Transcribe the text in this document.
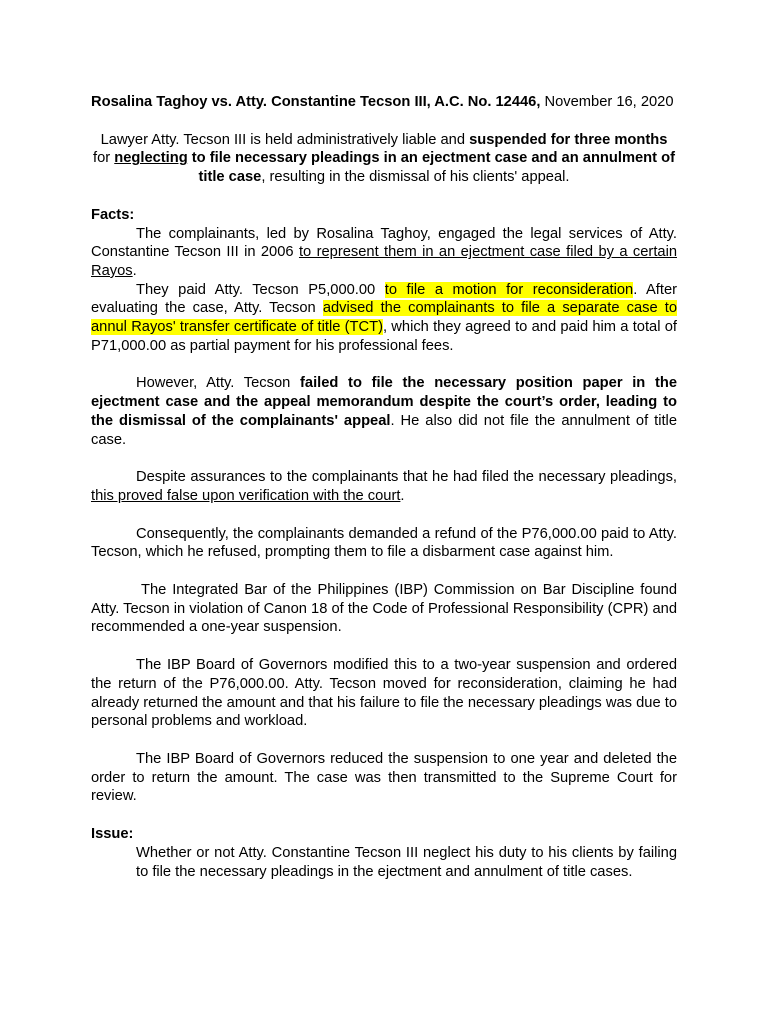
Rosalina Taghoy vs. Atty. Constantine Tecson III, A.C. No. 12446, November 16, 2020

Lawyer Atty. Tecson III is held administratively liable and suspended for three months for neglecting to file necessary pleadings in an ejectment case and an annulment of title case, resulting in the dismissal of his clients' appeal.

Facts:

The complainants, led by Rosalina Taghoy, engaged the legal services of Atty. Constantine Tecson III in 2006 to represent them in an ejectment case filed by a certain Rayos.

They paid Atty. Tecson P5,000.00 to file a motion for reconsideration. After evaluating the case, Atty. Tecson advised the complainants to file a separate case to annul Rayos' transfer certificate of title (TCT), which they agreed to and paid him a total of P71,000.00 as partial payment for his professional fees.

However, Atty. Tecson failed to file the necessary position paper in the ejectment case and the appeal memorandum despite the court’s order, leading to the dismissal of the complainants' appeal. He also did not file the annulment of title case.

Despite assurances to the complainants that he had filed the necessary pleadings, this proved false upon verification with the court.

Consequently, the complainants demanded a refund of the P76,000.00 paid to Atty. Tecson, which he refused, prompting them to file a disbarment case against him.

The Integrated Bar of the Philippines (IBP) Commission on Bar Discipline found Atty. Tecson in violation of Canon 18 of the Code of Professional Responsibility (CPR) and recommended a one-year suspension.

The IBP Board of Governors modified this to a two-year suspension and ordered the return of the P76,000.00. Atty. Tecson moved for reconsideration, claiming he had already returned the amount and that his failure to file the necessary pleadings was due to personal problems and workload.

The IBP Board of Governors reduced the suspension to one year and deleted the order to return the amount. The case was then transmitted to the Supreme Court for review.

Issue:

Whether or not Atty. Constantine Tecson III neglect his duty to his clients by failing to file the necessary pleadings in the ejectment and annulment of title cases.
